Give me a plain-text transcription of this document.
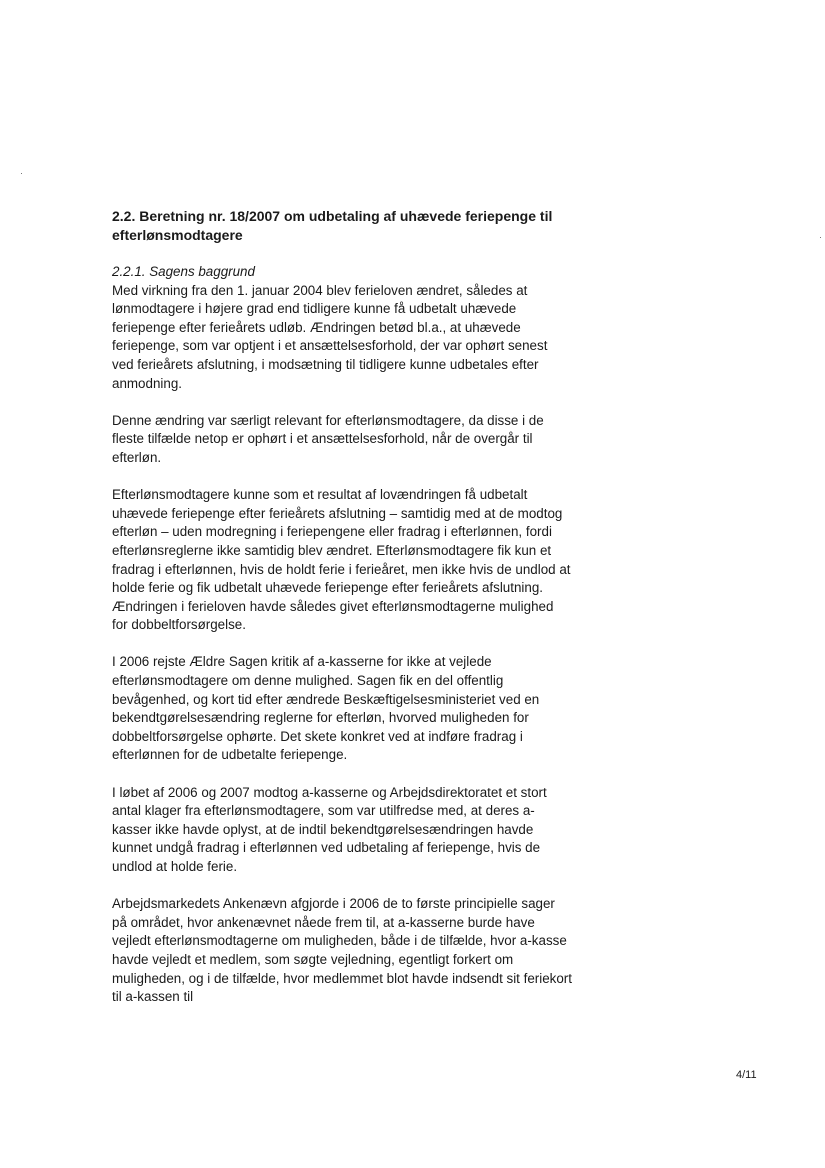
2.2. Beretning nr. 18/2007 om udbetaling af uhævede feriepenge til efterlønsmodtagere

2.2.1. Sagens baggrund

Med virkning fra den 1. januar 2004 blev ferieloven ændret, således at lønmodtagere i højere grad end tidligere kunne få udbetalt uhævede feriepenge efter ferieårets udløb. Ændringen betød bl.a., at uhævede feriepenge, som var optjent i et ansættelsesforhold, der var ophørt senest ved ferieårets afslutning, i modsætning til tidligere kunne udbetales efter anmodning.

Denne ændring var særligt relevant for efterlønsmodtagere, da disse i de fleste tilfælde netop er ophørt i et ansættelsesforhold, når de overgår til efterløn.

Efterlønsmodtagere kunne som et resultat af lovændringen få udbetalt uhævede feriepenge efter ferieårets afslutning – samtidig med at de modtog efterløn – uden modregning i feriepengene eller fradrag i efterlønnen, fordi efterlønsreglerne ikke samtidig blev ændret. Efterlønsmodtagere fik kun et fradrag i efterlønnen, hvis de holdt ferie i ferieåret, men ikke hvis de undlod at holde ferie og fik udbetalt uhævede feriepenge efter ferieårets afslutning. Ændringen i ferieloven havde således givet efterlønsmodtagerne mulighed for dobbeltforsørgelse.

I 2006 rejste Ældre Sagen kritik af a-kasserne for ikke at vejlede efterlønsmodtagere om denne mulighed. Sagen fik en del offentlig bevågenhed, og kort tid efter ændrede Beskæftigelsesministeriet ved en bekendtgørelsesændring reglerne for efterløn, hvorved muligheden for dobbeltforsørgelse ophørte. Det skete konkret ved at indføre fradrag i efterlønnen for de udbetalte feriepenge.

I løbet af 2006 og 2007 modtog a-kasserne og Arbejdsdirektoratet et stort antal klager fra efterlønsmodtagere, som var utilfredse med, at deres a-kasser ikke havde oplyst, at de indtil bekendtgørelsesændringen havde kunnet undgå fradrag i efterlønnen ved udbetaling af feriepenge, hvis de undlod at holde ferie.

Arbejdsmarkedets Ankenævn afgjorde i 2006 de to første principielle sager på området, hvor ankenævnet nåede frem til, at a-kasserne burde have vejledt efterlønsmodtagerne om muligheden, både i de tilfælde, hvor a-kasse havde vejledt et medlem, som søgte vejledning, egentligt forkert om muligheden, og i de tilfælde, hvor medlemmet blot havde indsendt sit feriekort til a-kassen til

4/11
